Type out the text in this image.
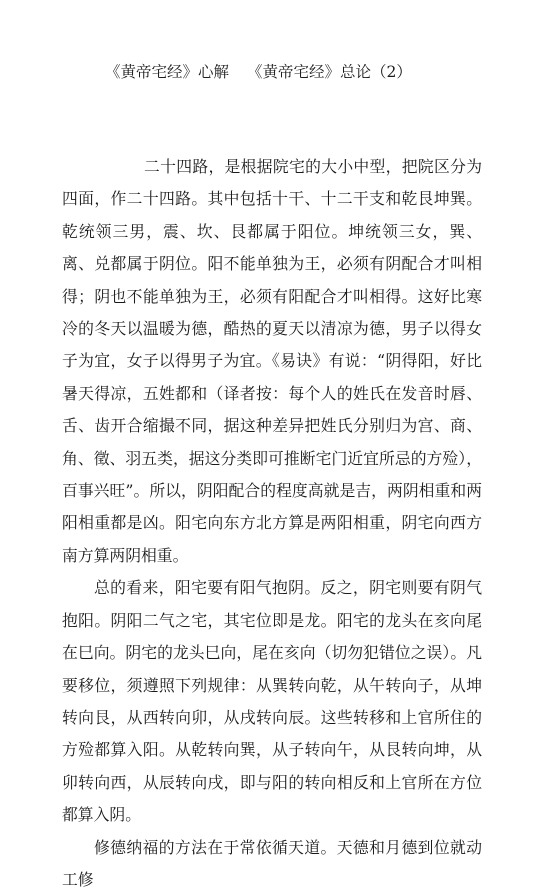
《黄帝宅经》心解 《黄帝宅经》总论（2）

二十四路，是根据院宅的大小中型，把院区分为四面，作二十四路。其中包括十干、十二干支和乾艮坤巽。乾统领三男，震、坎、艮都属于阳位。坤统领三女，巽、离、兑都属于阴位。阳不能单独为王，必须有阴配合才叫相得；阴也不能单独为王，必须有阳配合才叫相得。这好比寒冷的冬天以温暖为德，酷热的夏天以清凉为德，男子以得女子为宜，女子以得男子为宜。《易诀》有说：“阴得阳，好比暑天得凉，五姓都和（译者按：每个人的姓氏在发音时唇、舌、齿开合缩撮不同，据这种差异把姓氏分别归为宫、商、角、徵、羽五类，据这分类即可推断宅门近宜所忌的方殓），百事兴旺”。所以，阴阳配合的程度高就是吉，两阴相重和两阳相重都是凶。阳宅向东方北方算是两阳相重，阴宅向西方南方算两阴相重。

总的看来，阳宅要有阳气抱阴。反之，阴宅则要有阴气抱阳。阴阳二气之宅，其宅位即是龙。阳宅的龙头在亥向尾在巳向。阴宅的龙头巳向，尾在亥向（切勿犯错位之误）。凡要移位，须遵照下列规律：从巽转向乾，从午转向子，从坤转向艮，从西转向卯，从戌转向辰。这些转移和上官所住的方殓都算入阳。从乾转向巽，从子转向午，从艮转向坤，从卯转向西，从辰转向戌，即与阳的转向相反和上官所在方位都算入阴。

修德纳福的方法在于常依循天道。天德和月德到位就动工修
